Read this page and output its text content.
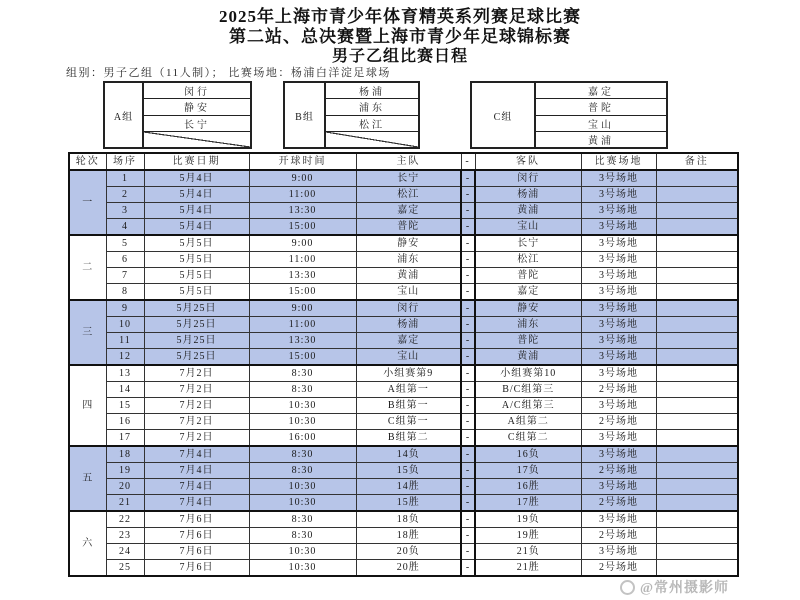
2025年上海市青少年体育精英系列赛足球比赛
第二站、总决赛暨上海市青少年足球锦标赛
男子乙组比赛日程
组别：男子乙组（11人制）； 比赛场地：杨浦白洋淀足球场
A组
闵行
静安
长宁
B组
杨浦
浦东
松江
C组
嘉定
普陀
宝山
黄浦
轮次	场序	比赛日期	开球时间	主队	-	客队	比赛场地	备注
一	1	5月4日	9:00	长宁	-	闵行	3号场地	
	2	5月4日	11:00	松江	-	杨浦	3号场地	
	3	5月4日	13:30	嘉定	-	黄浦	3号场地	
	4	5月4日	15:00	普陀	-	宝山	3号场地	
二	5	5月5日	9:00	静安	-	长宁	3号场地	
	6	5月5日	11:00	浦东	-	松江	3号场地	
	7	5月5日	13:30	黄浦	-	普陀	3号场地	
	8	5月5日	15:00	宝山	-	嘉定	3号场地	
三	9	5月25日	9:00	闵行	-	静安	3号场地	
	10	5月25日	11:00	杨浦	-	浦东	3号场地	
	11	5月25日	13:30	嘉定	-	普陀	3号场地	
	12	5月25日	15:00	宝山	-	黄浦	3号场地	
四	13	7月2日	8:30	小组赛第9	-	小组赛第10	3号场地	
	14	7月2日	8:30	A组第一	-	B/C组第三	2号场地	
	15	7月2日	10:30	B组第一	-	A/C组第三	3号场地	
	16	7月2日	10:30	C组第一	-	A组第二	2号场地	
	17	7月2日	16:00	B组第二	-	C组第二	3号场地	
五	18	7月4日	8:30	14负	-	16负	3号场地	
	19	7月4日	8:30	15负	-	17负	2号场地	
	20	7月4日	10:30	14胜	-	16胜	3号场地	
	21	7月4日	10:30	15胜	-	17胜	2号场地	
六	22	7月6日	8:30	18负	-	19负	3号场地	
	23	7月6日	8:30	18胜	-	19胜	2号场地	
	24	7月6日	10:30	20负	-	21负	3号场地	
	25	7月6日	10:30	20胜	-	21胜	2号场地	
@常州摄影师
